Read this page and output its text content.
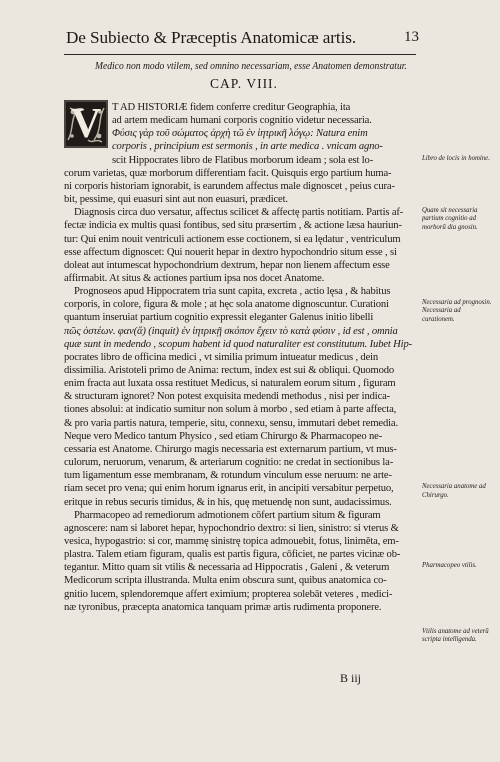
De Subiecto & Præceptis Anatomicæ artis.	13
Medico non modo vtilem, sed omnino necessariam, esse Anatomen demonstratur.
CAP. VIII.
V T AD HISTORIÆ fidem conferre creditur Geographia, ita
ad artem medicam humani corporis cognitio videtur necessaria.
Φύσις γὰρ τοῦ σώματος ἀρχὴ τῶ ἐν ἰητρικῆ λόγῳ: Natura enim
corporis , principium est sermonis , in arte medica . vnicam agno-
scit Hippocrates libro de Flatibus morborum ideam ; sola est lo-
corum varietas, quæ morborum differentiam facit. Quisquis ergo partium huma-
ni corporis historiam ignorabit, is earundem affectus male dignoscet , peius cura-
bit, pessime, qui euasuri sint aut non euasuri, prædicet.
Diagnosis circa duo versatur, affectus scilicet & affectę partis notitiam. Partis af-
fectæ indicia ex multis quasi fontibus, sed situ præsertim , & actione læsa hauriun-
tur: Qui enim nouit ventriculi actionem esse coctionem, si ea lędatur , ventriculum
esse affectum dignoscet: Qui nouerit hepar in dextro hypochondrio situm esse , si
doleat aut intumescat hypochondrium dextrum, hepar non lienem affectum esse
affirmabit. At situs & actiones partium ipsa nos docet Anatome.
Prognoseos apud Hippocratem tria sunt capita, excreta , actio lęsa , & habitus
corporis, in colore, figura & mole ; at hęc sola anatome dignoscuntur. Curationi
quantum inseruiat partium cognitio expressit eleganter Galenus initio libelli
πῶς ὀστέων. φαν(ἄ) (inquit) ἐν ἰητρικῇ σκόπον ἔχειν τὸ κατὰ φύσιν , id est , omnia
quæ sunt in medendo , scopum habent id quod naturaliter est constitutum. Iubet Hip-
pocrates libro de officina medici , vt similia primum intueatur medicus , dein
dissimilia. Aristoteli primo de Anima: rectum, index est sui & obliqui. Quomodo
enim fracta aut luxata ossa restituet Medicus, si naturalem eorum situm , figuram
& structuram ignoret? Non potest exquisita medendi methodus , nisi per indica-
tiones absolui: at indicatio sumitur non solum à morbo , sed etiam à parte affecta,
& pro varia partis natura, temperie, situ, connexu, sensu, immutari debet remedia.
Neque vero Medico tantum Physico , sed etiam Chirurgo & Pharmacopeo ne-
cessaria est Anatome. Chirurgo magis necessaria est externarum partium, vt mus-
culorum, neruorum, venarum, & arteriarum cognitio: ne credat in sectionibus la-
tum ligamentum esse membranam, & rotundum vinculum esse neruum: ne arte-
riam secet pro vena; qui enim horum ignarus erit, in ancipiti versabitur perpetuo,
eritque in rebus securis timidus, & in his, quę metuendę non sunt, audacissimus.
Pharmacopeo ad remediorum admotionem cōfert partium situm & figuram
agnoscere: nam si laboret hepar, hypochondrio dextro: si lien, sinistro: si vterus &
vesica, hypogastrio: si cor, mammę sinistrę topica admouebit, fotus, linimēta, em-
plastra. Talem etiam figuram, qualis est partis figura, cōficiet, ne partes vicinæ ob-
tegantur. Mitto quam sit vtilis & necessaria ad Hippocratis , Galeni , & veterum
Medicorum scripta illustranda. Multa enim obscura sunt, quibus anatomica co-
gnitio lucem, splendoremque affert eximium; propterea solebāt veteres , medici-
næ tyronibus, præcepta anatomica tanquam primæ artis rudimenta proponere.
Libro de locis in homine.
Quam sit necessaria partium cognitio ad morborū dia gnosin.
Necessaria ad prognosin. Necessaria ad curationem.
Necessaria anatome ad Chirurgo.
Pharmacopeo vtilis.
Vtilis anatome ad veterū scripta intelligenda.
B iij
